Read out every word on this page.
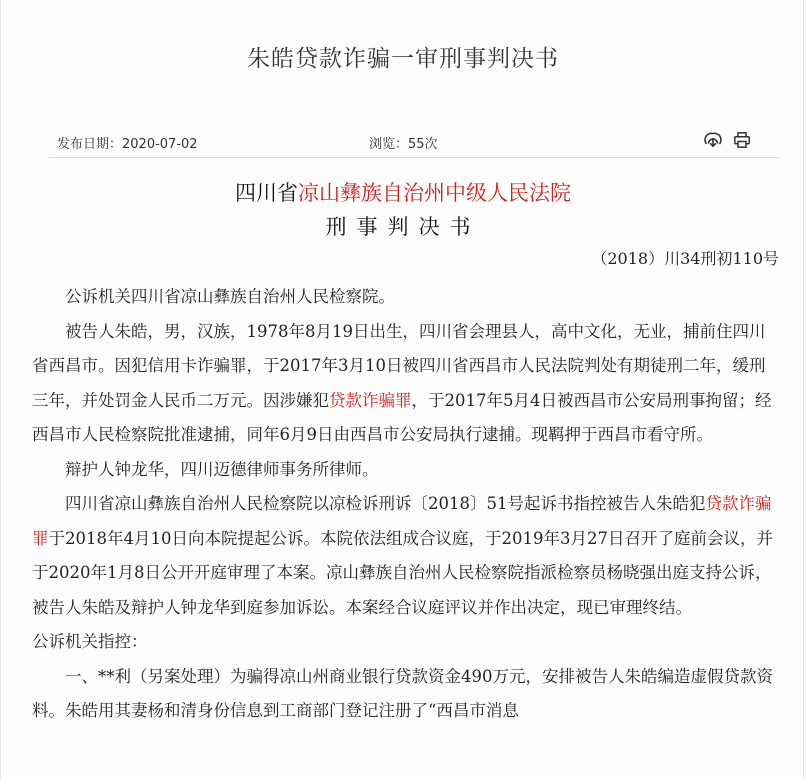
朱皓贷款诈骗一审刑事判决书
发布日期：2020-07-02	浏览：55次
四川省凉山彝族自治州中级人民法院
刑事判决书
（2018）川34刑初110号

公诉机关四川省凉山彝族自治州人民检察院。

被告人朱皓，男，汉族，1978年8月19日出生，四川省会理县人，高中文化，无业，捕前住四川省西昌市。因犯信用卡诈骗罪，于2017年3月10日被四川省西昌市人民法院判处有期徒刑二年，缓刑三年，并处罚金人民币二万元。因涉嫌犯贷款诈骗罪，于2017年5月4日被西昌市公安局刑事拘留；经西昌市人民检察院批准逮捕，同年6月9日由西昌市公安局执行逮捕。现羁押于西昌市看守所。

辩护人钟龙华，四川迈德律师事务所律师。

四川省凉山彝族自治州人民检察院以凉检诉刑诉〔2018〕51号起诉书指控被告人朱皓犯贷款诈骗罪于2018年4月10日向本院提起公诉。本院依法组成合议庭，于2019年3月27日召开了庭前会议，并于2020年1月8日公开开庭审理了本案。凉山彝族自治州人民检察院指派检察员杨晓强出庭支持公诉，被告人朱皓及辩护人钟龙华到庭参加诉讼。本案经合议庭评议并作出决定，现已审理终结。

公诉机关指控：

一、**利（另案处理）为骗得凉山州商业银行贷款资金490万元，安排被告人朱皓编造虚假贷款资料。朱皓用其妻杨和清身份信息到工商部门登记注册了“西昌市消息
